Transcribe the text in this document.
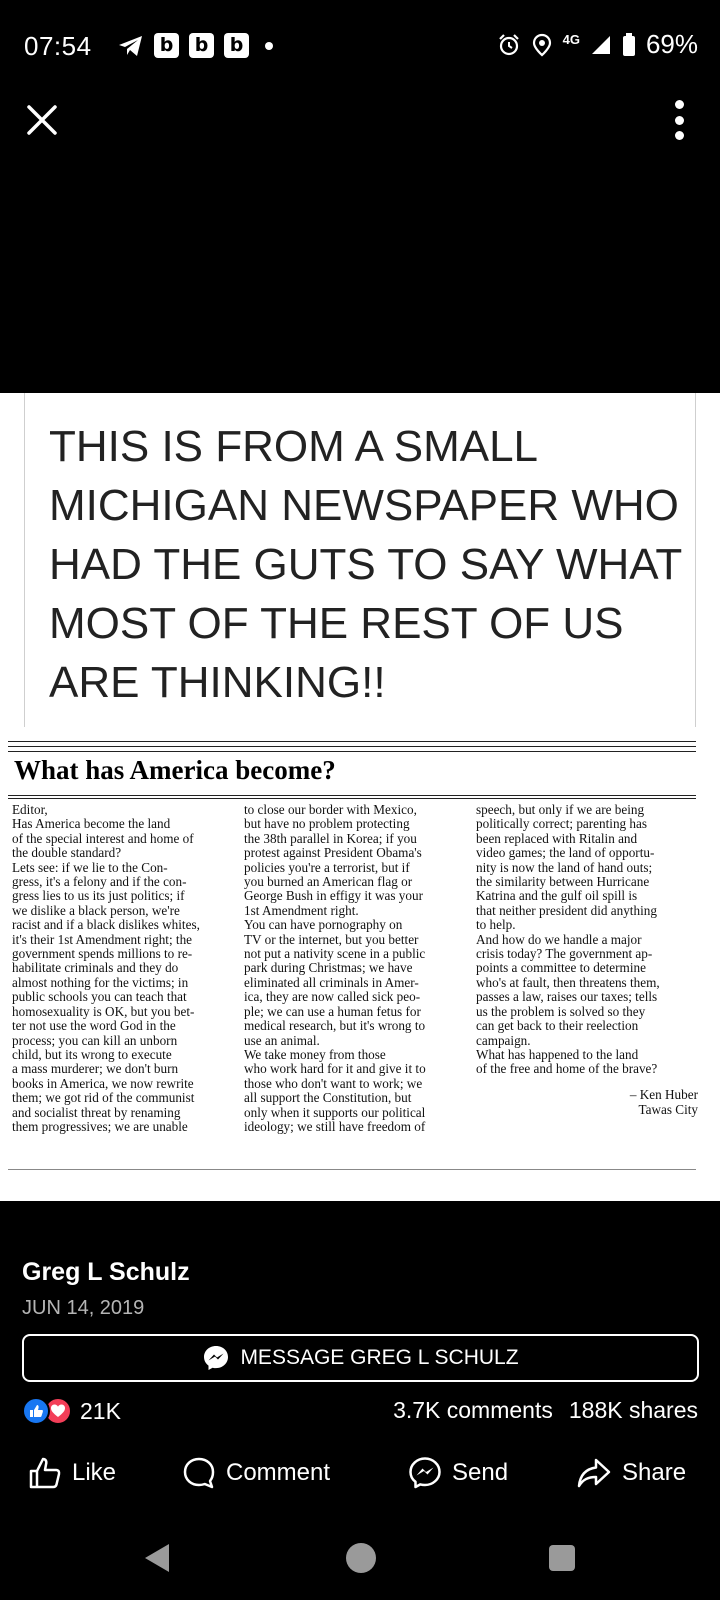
07:54	b	b	b	4G	69%
THIS IS FROM A SMALL MICHIGAN NEWSPAPER WHO HAD THE GUTS TO SAY WHAT MOST OF THE REST OF US ARE THINKING!!
What has America become?
Editor,
Has America become the land
of the special interest and home of
the double standard?
Lets see: if we lie to the Con-
gress, it's a felony and if the con-
gress lies to us its just politics; if
we dislike a black person, we're
racist and if a black dislikes whites,
it's their 1st Amendment right; the
government spends millions to re-
habilitate criminals and they do
almost nothing for the victims; in
public schools you can teach that
homosexuality is OK, but you bet-
ter not use the word God in the
process; you can kill an unborn
child, but its wrong to execute
a mass murderer; we don't burn
books in America, we now rewrite
them; we got rid of the communist
and socialist threat by renaming
them progressives; we are unable
to close our border with Mexico,
but have no problem protecting
the 38th parallel in Korea; if you
protest against President Obama's
policies you're a terrorist, but if
you burned an American flag or
George Bush in effigy it was your
1st Amendment right.
You can have pornography on
TV or the internet, but you better
not put a nativity scene in a public
park during Christmas; we have
eliminated all criminals in Amer-
ica, they are now called sick peo-
ple; we can use a human fetus for
medical research, but it's wrong to
use an animal.
We take money from those
who work hard for it and give it to
those who don't want to work; we
all support the Constitution, but
only when it supports our political
ideology; we still have freedom of
speech, but only if we are being
politically correct; parenting has
been replaced with Ritalin and
video games; the land of opportu-
nity is now the land of hand outs;
the similarity between Hurricane
Katrina and the gulf oil spill is
that neither president did anything
to help.
And how do we handle a major
crisis today? The government ap-
points a committee to determine
who's at fault, then threatens them,
passes a law, raises our taxes; tells
us the problem is solved so they
can get back to their reelection
campaign.
What has happened to the land
of the free and home of the brave?
– Ken Huber
Tawas City
Greg L Schulz
JUN 14, 2019
MESSAGE GREG L SCHULZ
21K	3.7K comments 188K shares
Like	Comment	Send	Share
